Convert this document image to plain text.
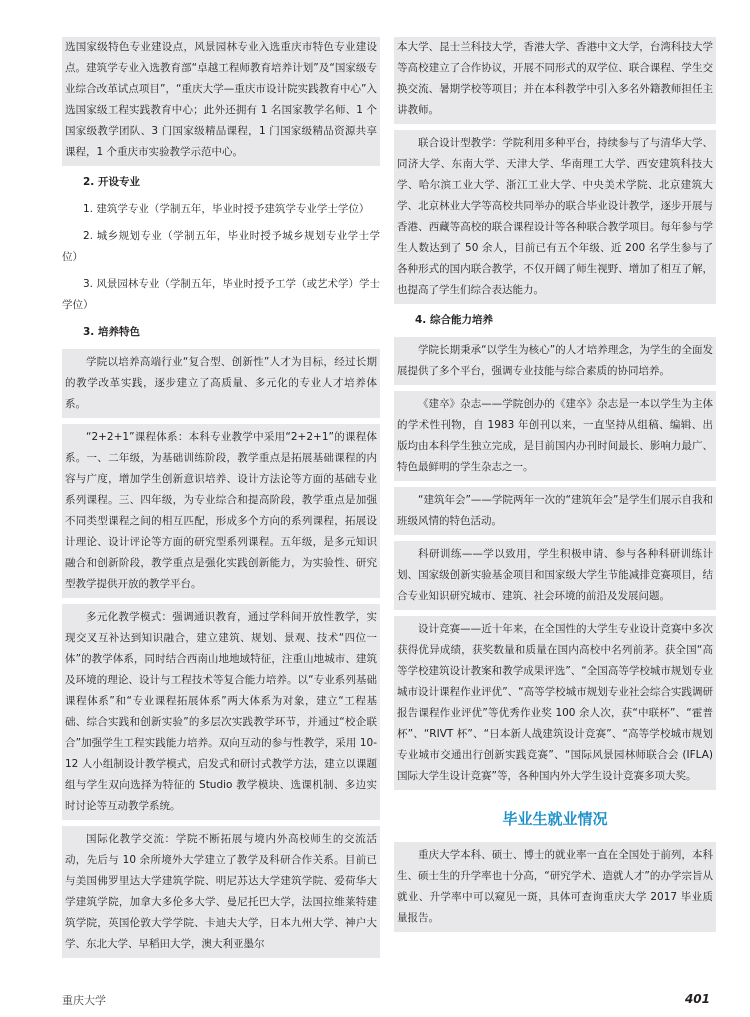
选国家级特色专业建设点，风景园林专业入选重庆市特色专业建设点。建筑学专业入选教育部“卓越工程师教育培养计划”及“国家级专业综合改革试点项目”，“重庆大学—重庆市设计院实践教育中心”入选国家级工程实践教育中心；此外还拥有 1 名国家教学名师、1 个国家级教学团队、3 门国家级精品课程，1 门国家级精品资源共享课程，1 个重庆市实验教学示范中心。

2. 开设专业

1. 建筑学专业（学制五年，毕业时授予建筑学专业学士学位）

2. 城乡规划专业（学制五年，毕业时授予城乡规划专业学士学位）

3. 风景园林专业（学制五年，毕业时授予工学（或艺术学）学士学位）

3. 培养特色

学院以培养高端行业“复合型、创新性”人才为目标，经过长期的教学改革实践，逐步建立了高质量、多元化的专业人才培养体系。

“2+2+1”课程体系：本科专业教学中采用“2+2+1”的课程体系。一、二年级，为基础训练阶段，教学重点是拓展基础课程的内容与广度，增加学生创新意识培养、设计方法论等方面的基础专业系列课程。三、四年级，为专业综合和提高阶段，教学重点是加强不同类型课程之间的相互匹配，形成多个方向的系列课程，拓展设计理论、设计评论等方面的研究型系列课程。五年级，是多元知识融合和创新阶段，教学重点是强化实践创新能力，为实验性、研究型教学提供开放的教学平台。

多元化教学模式：强调通识教育，通过学科间开放性教学，实现交叉互补达到知识融合，建立建筑、规划、景观、技术“四位一体”的教学体系，同时结合西南山地地域特征，注重山地城市、建筑及环境的理论、设计与工程技术等复合能力培养。以“专业系列基础课程体系”和“专业课程拓展体系”两大体系为对象，建立“工程基础、综合实践和创新实验”的多层次实践教学环节，并通过“校企联合”加强学生工程实践能力培养。双向互动的参与性教学，采用 10-12 人小组制设计教学模式，启发式和研讨式教学方法，建立以课题组与学生双向选择为特征的 Studio 教学模块、选课机制、多边实时讨论等互动教学系统。

国际化教学交流：学院不断拓展与境内外高校师生的交流活动，先后与 10 余所境外大学建立了教学及科研合作关系。目前已与美国佛罗里达大学建筑学院、明尼苏达大学建筑学院、爱荷华大学建筑学院，加拿大多伦多大学、曼尼托巴大学，法国拉维莱特建筑学院，英国伦敦大学学院、卡迪夫大学，日本九州大学、神户大学、东北大学、早稻田大学，澳大利亚墨尔

本大学、昆士兰科技大学，香港大学、香港中文大学，台湾科技大学等高校建立了合作协议，开展不同形式的双学位、联合课程、学生交换交流、暑期学校等项目；并在本科教学中引入多名外籍教师担任主讲教师。

联合设计型教学：学院利用多种平台，持续参与了与清华大学、同济大学、东南大学、天津大学、华南理工大学、西安建筑科技大学、哈尔滨工业大学、浙江工业大学、中央美术学院、北京建筑大学、北京林业大学等高校共同举办的联合毕业设计教学，逐步开展与香港、西藏等高校的联合课程设计等各种联合教学项目。每年参与学生人数达到了 50 余人，目前已有五个年级、近 200 名学生参与了各种形式的国内联合教学，不仅开阔了师生视野、增加了相互了解，也提高了学生们综合表达能力。

4. 综合能力培养

学院长期秉承“以学生为核心”的人才培养理念，为学生的全面发展提供了多个平台，强调专业技能与综合素质的协同培养。

《建卒》杂志——学院创办的《建卒》杂志是一本以学生为主体的学术性刊物，自 1983 年创刊以来，一直坚持从组稿、编辑、出版均由本科学生独立完成，是目前国内办刊时间最长、影响力最广、特色最鲜明的学生杂志之一。

“建筑年会”——学院两年一次的“建筑年会”是学生们展示自我和班级风情的特色活动。

科研训练——学以致用，学生积极申请、参与各种科研训练计划、国家级创新实验基金项目和国家级大学生节能减排竞赛项目，结合专业知识研究城市、建筑、社会环境的前沿及发展问题。

设计竞赛——近十年来，在全国性的大学生专业设计竞赛中多次获得优异成绩，获奖数量和质量在国内高校中名列前茅。获全国“高等学校建筑设计教案和教学成果评选”、“全国高等学校城市规划专业城市设计课程作业评优”、“高等学校城市规划专业社会综合实践调研报告课程作业评优”等优秀作业奖 100 余人次，获“中联杯”、“霍普杯”、“RIVT 杯”、“日本新人战建筑设计竞赛”、“高等学校城市规划专业城市交通出行创新实践竞赛”、“国际风景园林师联合会 (IFLA) 国际大学生设计竞赛”等，各种国内外大学生设计竞赛多项大奖。

毕业生就业情况

重庆大学本科、硕士、博士的就业率一直在全国处于前列，本科生、硕士生的升学率也十分高，“研究学术、造就人才”的办学宗旨从就业、升学率中可以窥见一斑，具体可查询重庆大学 2017 毕业质量报告。

重庆大学	401
